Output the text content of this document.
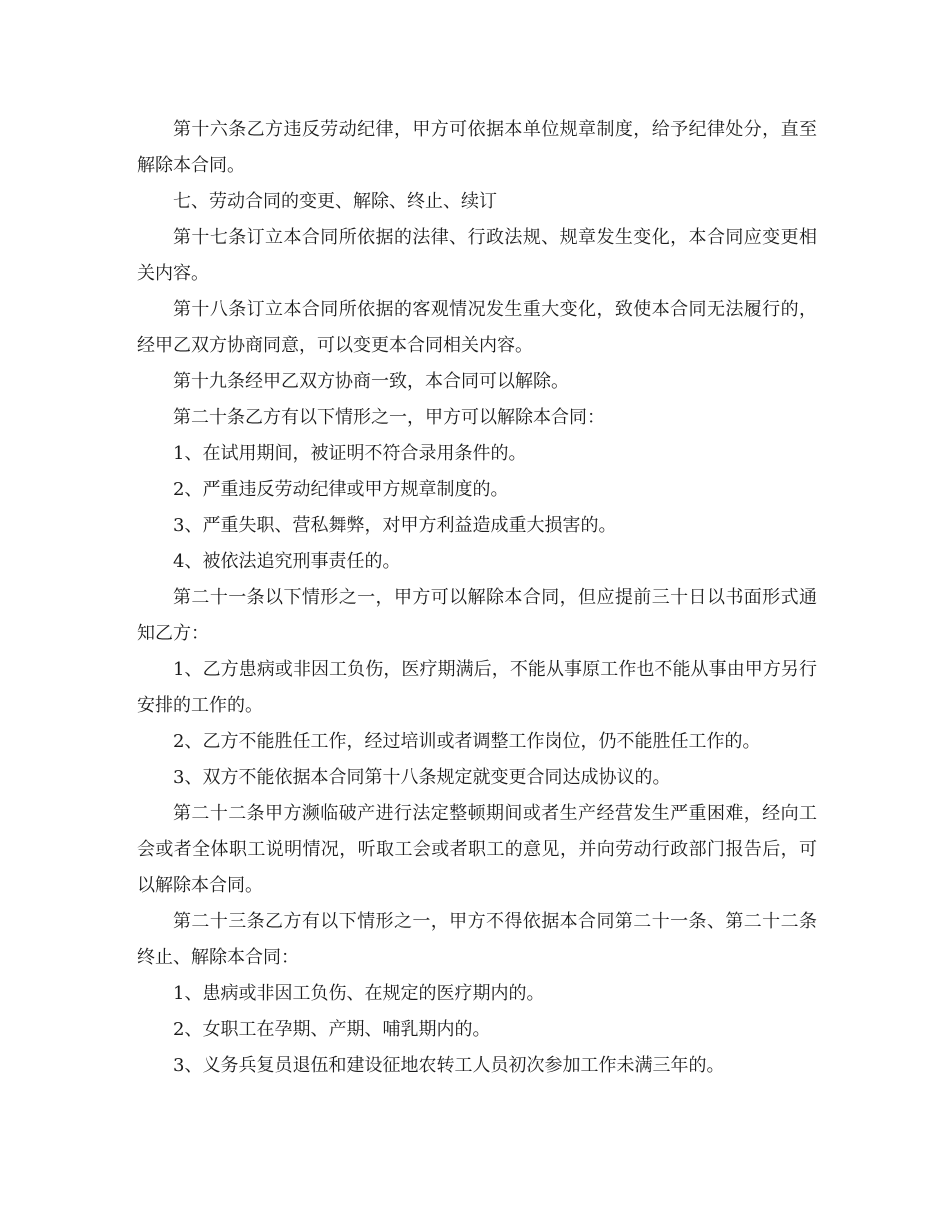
第十六条乙方违反劳动纪律，甲方可依据本单位规章制度，给予纪律处分，直至解除本合同。

七、劳动合同的变更、解除、终止、续订

第十七条订立本合同所依据的法律、行政法规、规章发生变化，本合同应变更相关内容。

第十八条订立本合同所依据的客观情况发生重大变化，致使本合同无法履行的，经甲乙双方协商同意，可以变更本合同相关内容。

第十九条经甲乙双方协商一致，本合同可以解除。

第二十条乙方有以下情形之一，甲方可以解除本合同：

1、在试用期间，被证明不符合录用条件的。

2、严重违反劳动纪律或甲方规章制度的。

3、严重失职、营私舞弊，对甲方利益造成重大损害的。

4、被依法追究刑事责任的。

第二十一条以下情形之一，甲方可以解除本合同，但应提前三十日以书面形式通知乙方：

1、乙方患病或非因工负伤，医疗期满后，不能从事原工作也不能从事由甲方另行安排的工作的。

2、乙方不能胜任工作，经过培训或者调整工作岗位，仍不能胜任工作的。

3、双方不能依据本合同第十八条规定就变更合同达成协议的。

第二十二条甲方濒临破产进行法定整顿期间或者生产经营发生严重困难，经向工会或者全体职工说明情况，听取工会或者职工的意见，并向劳动行政部门报告后，可以解除本合同。

第二十三条乙方有以下情形之一，甲方不得依据本合同第二十一条、第二十二条终止、解除本合同：

1、患病或非因工负伤、在规定的医疗期内的。

2、女职工在孕期、产期、哺乳期内的。

3、义务兵复员退伍和建设征地农转工人员初次参加工作未满三年的。
